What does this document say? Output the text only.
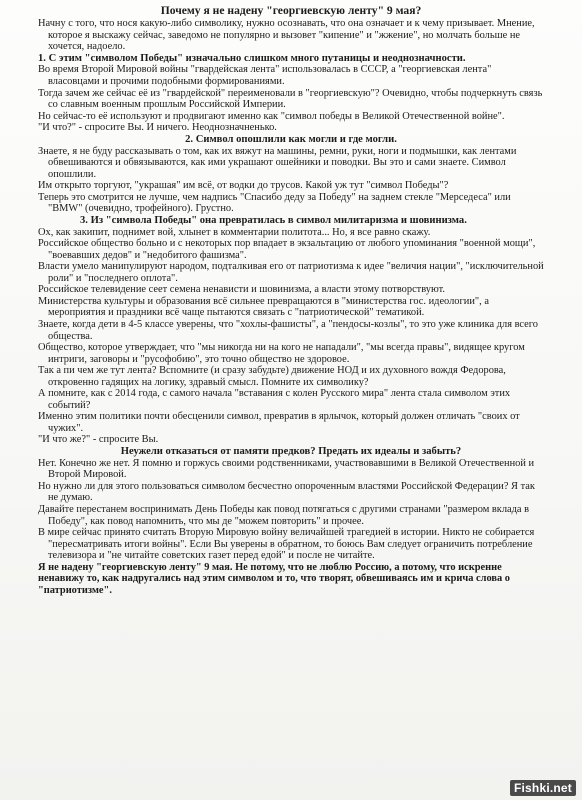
Почему я не надену "георгиевскую ленту" 9 мая?

Начну с того, что нося какую-либо символику, нужно осознавать, что она означает и к чему призывает. Мнение, которое я выскажу сейчас, заведомо не популярно и вызовет "кипение" и "жжение", но молчать больше не хочется, надоело.

1. С этим "символом Победы" изначально слишком много путаницы и неоднозначности.

Во время Второй Мировой войны "гвардейская лента" использовалась в СССР, а "георгиевская лента" власовцами и прочими подобными формированиями.

Тогда зачем же сейчас её из "гвардейской" переименовали в "георгиевскую"? Очевидно, чтобы подчеркнуть связь со славным военным прошлым Российской Империи.

Но сейчас-то её используют и продвигают именно как "символ победы в Великой Отечественной войне".

"И что?" - спросите Вы. И ничего. Неоднозначненько.

2. Символ опошлили как могли и где могли.

Знаете, я не буду рассказывать о том, как их вяжут на машины, ремни, руки, ноги и подмышки, как лентами обвешиваются и обвязываются, как ими украшают ошейники и поводки. Вы это и сами знаете. Символ опошлили.

Им открыто торгуют, "украшая" им всё, от водки до трусов. Какой уж тут "символ Победы"?

Теперь это смотрится не лучше, чем надпись "Спасибо деду за Победу" на заднем стекле "Мерседеса" или "BMW" (очевидно, трофейного). Грустно.

3. Из "символа Победы" она превратилась в символ милитаризма и шовинизма.

Ох, как закипит, поднимет вой, хлынет в комментарии политота... Но, я все равно скажу.

Российское общество больно и с некоторых пор впадает в экзальтацию от любого упоминания "военной мощи", "воевавших дедов" и "недобитого фашизма".

Власти умело манипулируют народом, подталкивая его от патриотизма к идее "величия нации", "исключительной роли" и "последнего оплота".

Российское телевидение сеет семена ненависти и шовинизма, а власти этому потворствуют.

Министерства культуры и образования всё сильнее превращаются в "министерства гос. идеологии", а мероприятия и праздники всё чаще пытаются связать с "патриотической" тематикой.

Знаете, когда дети в 4-5 классе уверены, что "хохлы-фашисты", а "пендосы-козлы", то это уже клиника для всего общества.

Общество, которое утверждает, что "мы никогда ни на кого не нападали", "мы всегда правы", видящее кругом интриги, заговоры и "русофобию", это точно общество не здоровое.

Так а пи чем же тут лента? Вспомните (и сразу забудьте) движение НОД и их духовного вождя Федорова, откровенно гадящих на логику, здравый смысл. Помните их символику?

А помните, как с 2014 года, с самого начала "вставания с колен Русского мира" лента стала символом этих событий?

Именно этим политики почти обесценили символ, превратив в ярлычок, который должен отличать "своих от чужих".

"И что же?" - спросите Вы.

Неужели отказаться от памяти предков? Предать их идеалы и забыть?

Нет. Конечно же нет. Я помню и горжусь своими родственниками, участвовавшими в Великой Отечественной и Второй Мировой.

Но нужно ли для этого пользоваться символом бесчестно опороченным властями Российской Федерации? Я так не думаю.

Давайте перестанем воспринимать День Победы как повод потягаться с другими странами "размером вклада в Победу", как повод напомнить, что мы де "можем повторить" и прочее.

В мире сейчас принято считать Вторую Мировую войну величайшей трагедией в истории. Никто не собирается "пересматривать итоги войны". Если Вы уверены в обратном, то боюсь Вам следует ограничить потребление телевизора и "не читайте советских газет перед едой" и после не читайте.

Я не надену "георгиевскую ленту" 9 мая. Не потому, что не люблю Россию, а потому, что искренне ненавижу то, как надругались над этим символом и то, что творят, обвешиваясь им и крича слова о "патриотизме".

Fishki.net
